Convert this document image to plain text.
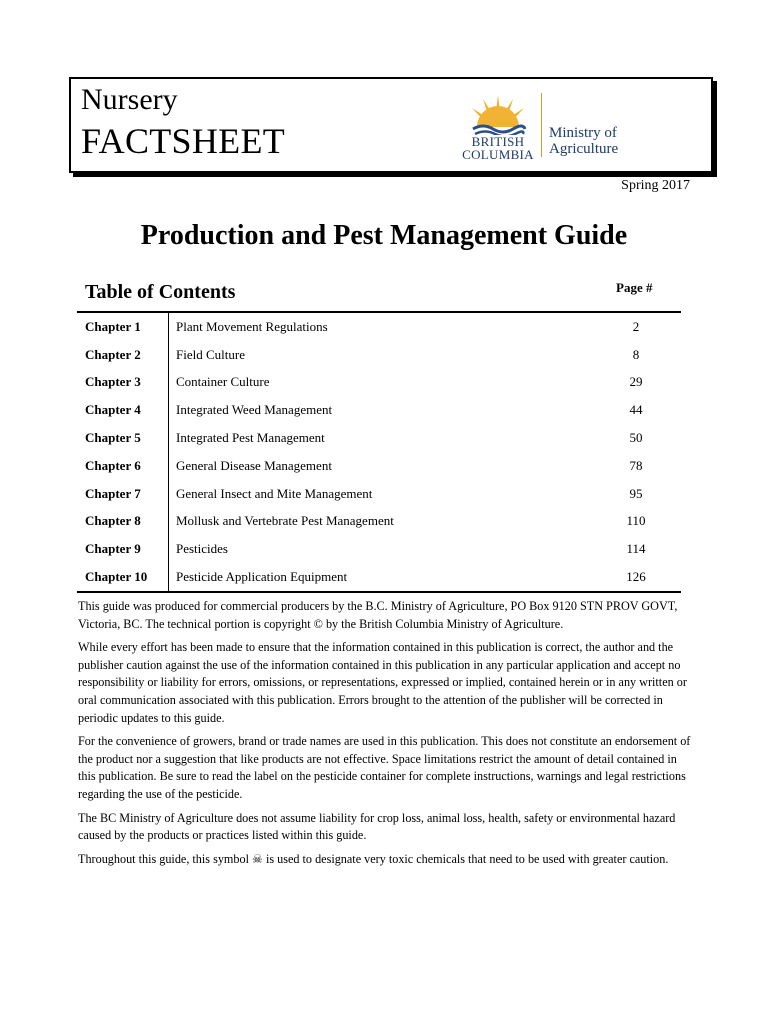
Nursery
FACTSHEET	BRITISH COLUMBIA
Ministry of
Agriculture
Spring 2017
Production and Pest Management Guide
Table of Contents	Page #
Chapter 1	Plant Movement Regulations	2
Chapter 2	Field Culture	8
Chapter 3	Container Culture	29
Chapter 4	Integrated Weed Management	44
Chapter 5	Integrated Pest Management	50
Chapter 6	General Disease Management	78
Chapter 7	General Insect and Mite Management	95
Chapter 8	Mollusk and Vertebrate Pest Management	110
Chapter 9	Pesticides	114
Chapter 10	Pesticide Application Equipment	126

This guide was produced for commercial producers by the B.C. Ministry of Agriculture, PO Box 9120 STN PROV GOVT, Victoria, BC. The technical portion is copyright © by the British Columbia Ministry of Agriculture.

While every effort has been made to ensure that the information contained in this publication is correct, the author and the publisher caution against the use of the information contained in this publication in any particular application and accept no responsibility or liability for errors, omissions, or representations, expressed or implied, contained herein or in any written or oral communication associated with this publication. Errors brought to the attention of the publisher will be corrected in periodic updates to this guide.

For the convenience of growers, brand or trade names are used in this publication. This does not constitute an endorsement of the product nor a suggestion that like products are not effective. Space limitations restrict the amount of detail contained in this publication. Be sure to read the label on the pesticide container for complete instructions, warnings and legal restrictions regarding the use of the pesticide.

The BC Ministry of Agriculture does not assume liability for crop loss, animal loss, health, safety or environmental hazard caused by the products or practices listed within this guide.

Throughout this guide, this symbol ☠ is used to designate very toxic chemicals that need to be used with greater caution.
